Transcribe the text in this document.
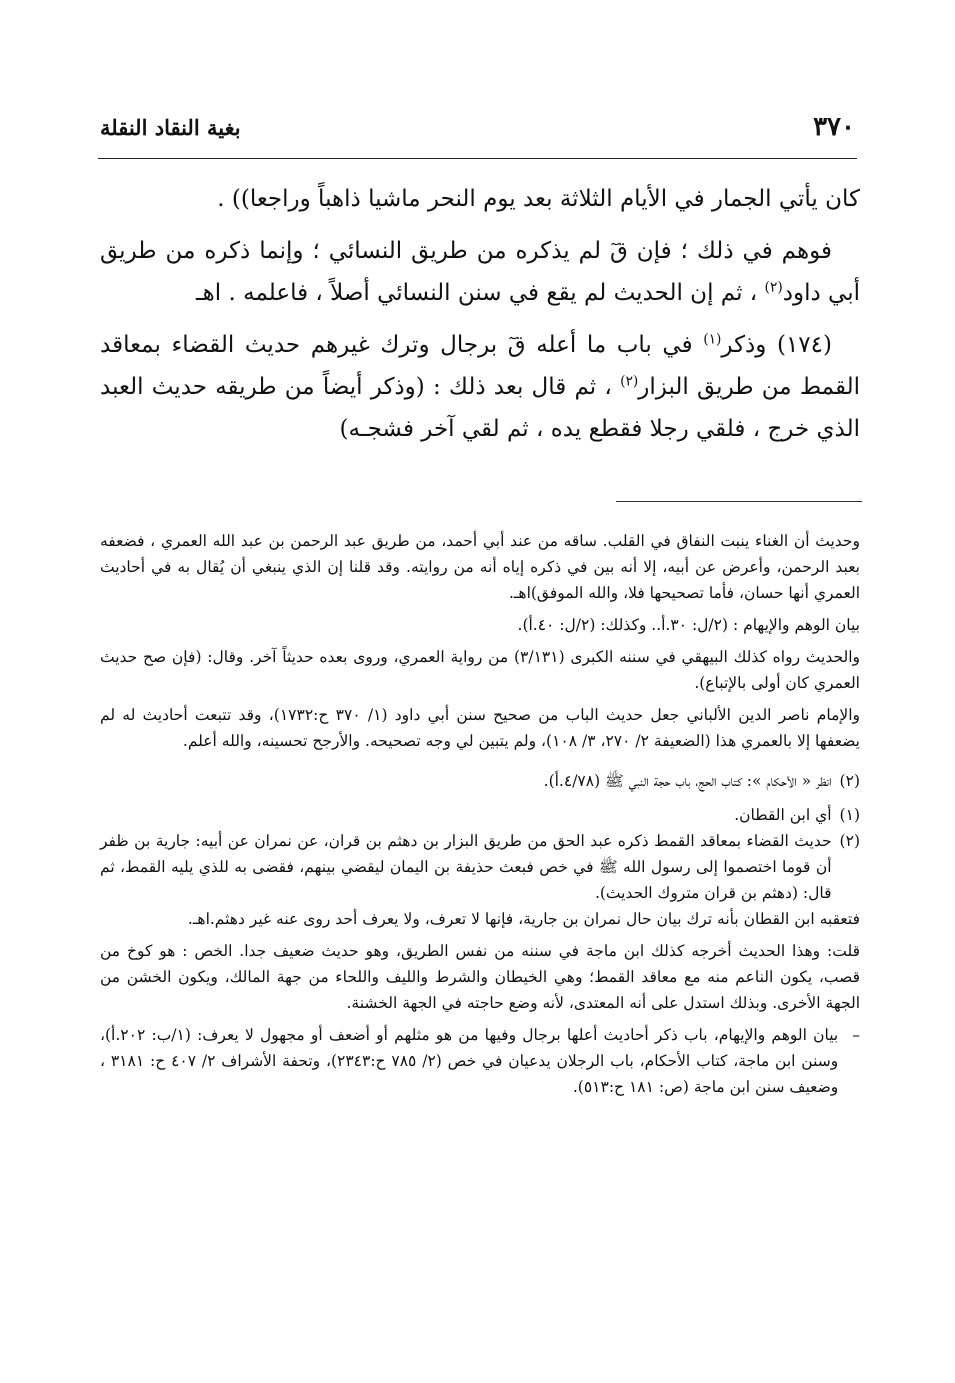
٣٧٠
بغية النقاد النقلة

كان يأتي الجمار في الأيام الثلاثة بعد يوم النحر ماشيا ذاهباً وراجعا)) .

فوهم في ذلك ؛ فإن قٓ لم يذكره من طريق النسائي ؛ وإنما ذكره من طريق أبي داود$^{(٢)}$ ، ثم إن الحديث لم يقع في سنن النسائي أصلاً ، فاعلمه . اهـ

(١٧٤) وذكر$^{(١)}$ في باب ما أعله قٓ برجال وترك غيرهم حديث القضاء بمعاقد القمط من طريق البزار$^{(٢)}$ ، ثم قال بعد ذلك : (وذكر أيضاً من طريقه حديث العبد الذي خرج ، فلقي رجلا فقطع يده ، ثم لقي آخر فشجـه)

وحديث أن الغناء ينبت النفاق في القلب. ساقه من عند أبي أحمد، من طريق عبد الرحمن بن عبد الله العمري ، فضعفه بعبد الرحمن، وأعرض عن أبيه، إلا أنه بين في ذكره إياه أنه من روايته. وقد قلنا إن الذي ينبغي أن يُقال به في أحاديث العمري أنها حسان، فأما تصحيحها فلا، والله الموفق)اهـ.

بيان الوهم والإيهام : (٢/ل: ٣٠.أ.. وكذلك: (٢/ل: ٤٠.أ).

والحديث رواه كذلك البيهقي في سننه الكبرى (٣/١٣١) من رواية العمري، وروى بعده حديثاً آخر. وقال: (فإن صح حديث العمري كان أولى بالإتباع).

والإمام ناصر الدين الألباني جعل حديث الباب من صحيح سنن أبي داود (١/ ٣٧٠ ح:١٧٣٢)، وقد تتبعت أحاديث له لم يضعفها إلا بالعمري هذا (الضعيفة ٢/ ٢٧٠، ٣/ ١٠٨)، ولم يتبين لي وجه تصحيحه. والأرجح تحسينه، والله أعلم.

(٢)
انظر « الأحكام »: كتاب الحج، باب حجة النبي ﷺ (٤/٧٨.أ).
(١)
أي ابن القطان.
(٢)
حديث القضاء بمعاقد القمط ذكره عبد الحق من طريق البزار بن دهثم بن قران، عن نمران عن أبيه: جارية بن ظفر أن قوما اختصموا إلى رسول الله ﷺ في خص فبعث حذيفة بن اليمان ليقضي بينهم، فقضى به للذي يليه القمط، ثم قال: (دهثم بن قران متروك الحديث).

فتعقبه ابن القطان بأنه ترك بيان حال نمران بن جارية، فإنها لا تعرف، ولا يعرف أحد روى عنه غير دهثم.اهـ.

قلت: وهذا الحديث أخرجه كذلك ابن ماجة في سننه من نفس الطريق، وهو حديث ضعيف جدا. الخص : هو كوخ من قصب، يكون الناعم منه مع معاقد القمط؛ وهي الخيطان والشرط والليف واللحاء من جهة المالك، ويكون الخشن من الجهة الأخرى. وبذلك استدل على أنه المعتدى، لأنه وضع حاجته في الجهة الخشنة.

–
بيان الوهم والإيهام، باب ذكر أحاديث أعلها برجال وفيها من هو مثلهم أو أضعف أو مجهول لا يعرف: (١/ب: ٢٠٢.أ)، وسنن ابن ماجة، كتاب الأحكام، باب الرجلان يدعيان في خص (٢/ ٧٨٥ ح:٢٣٤٣)، وتحفة الأشراف ٢/ ٤٠٧ ح: ٣١٨١ ، وضعيف سنن ابن ماجة (ص: ١٨١ ح:٥١٣).
